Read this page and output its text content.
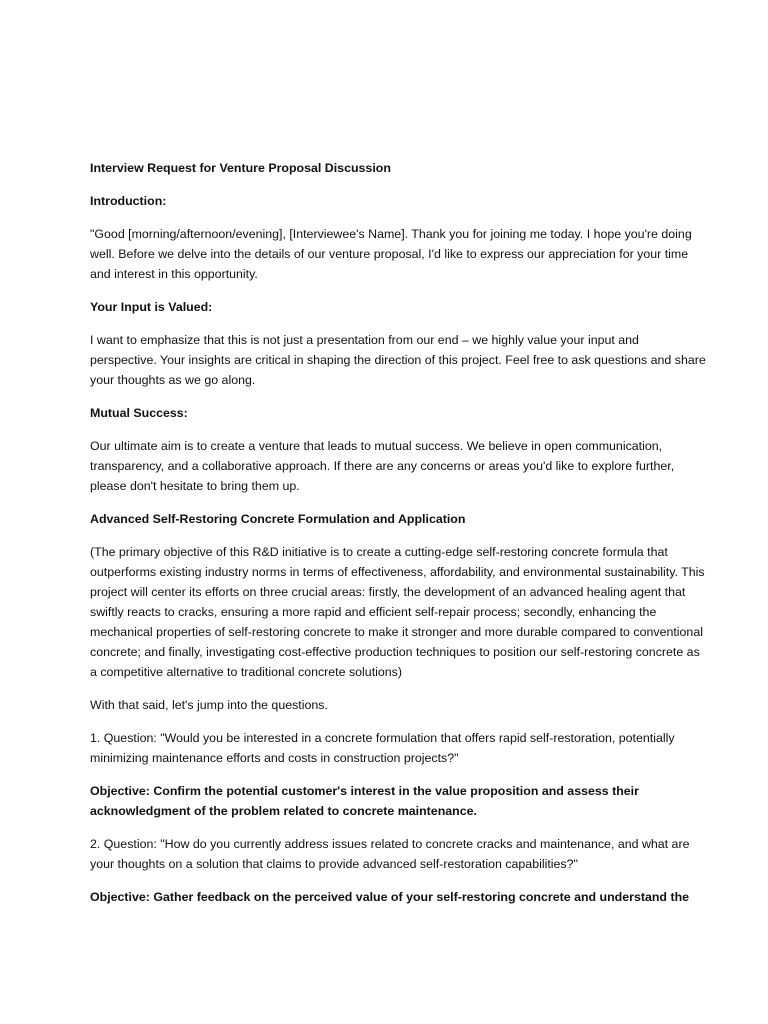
Interview Request for Venture Proposal Discussion

Introduction:

"Good [morning/afternoon/evening], [Interviewee's Name]. Thank you for joining me today. I hope you're doing well. Before we delve into the details of our venture proposal, I'd like to express our appreciation for your time and interest in this opportunity.

Your Input is Valued:

I want to emphasize that this is not just a presentation from our end – we highly value your input and perspective. Your insights are critical in shaping the direction of this project. Feel free to ask questions and share your thoughts as we go along.

Mutual Success:

Our ultimate aim is to create a venture that leads to mutual success. We believe in open communication, transparency, and a collaborative approach. If there are any concerns or areas you'd like to explore further, please don't hesitate to bring them up.

Advanced Self-Restoring Concrete Formulation and Application

(The primary objective of this R&D initiative is to create a cutting-edge self-restoring concrete formula that outperforms existing industry norms in terms of effectiveness, affordability, and environmental sustainability. This project will center its efforts on three crucial areas: firstly, the development of an advanced healing agent that swiftly reacts to cracks, ensuring a more rapid and efficient self-repair process; secondly, enhancing the mechanical properties of self-restoring concrete to make it stronger and more durable compared to conventional concrete; and finally, investigating cost-effective production techniques to position our self-restoring concrete as a competitive alternative to traditional concrete solutions)

With that said, let's jump into the questions.

1. Question: "Would you be interested in a concrete formulation that offers rapid self-restoration, potentially minimizing maintenance efforts and costs in construction projects?"

Objective: Confirm the potential customer's interest in the value proposition and assess their acknowledgment of the problem related to concrete maintenance.

2. Question: "How do you currently address issues related to concrete cracks and maintenance, and what are your thoughts on a solution that claims to provide advanced self-restoration capabilities?"

Objective: Gather feedback on the perceived value of your self-restoring concrete and understand the
